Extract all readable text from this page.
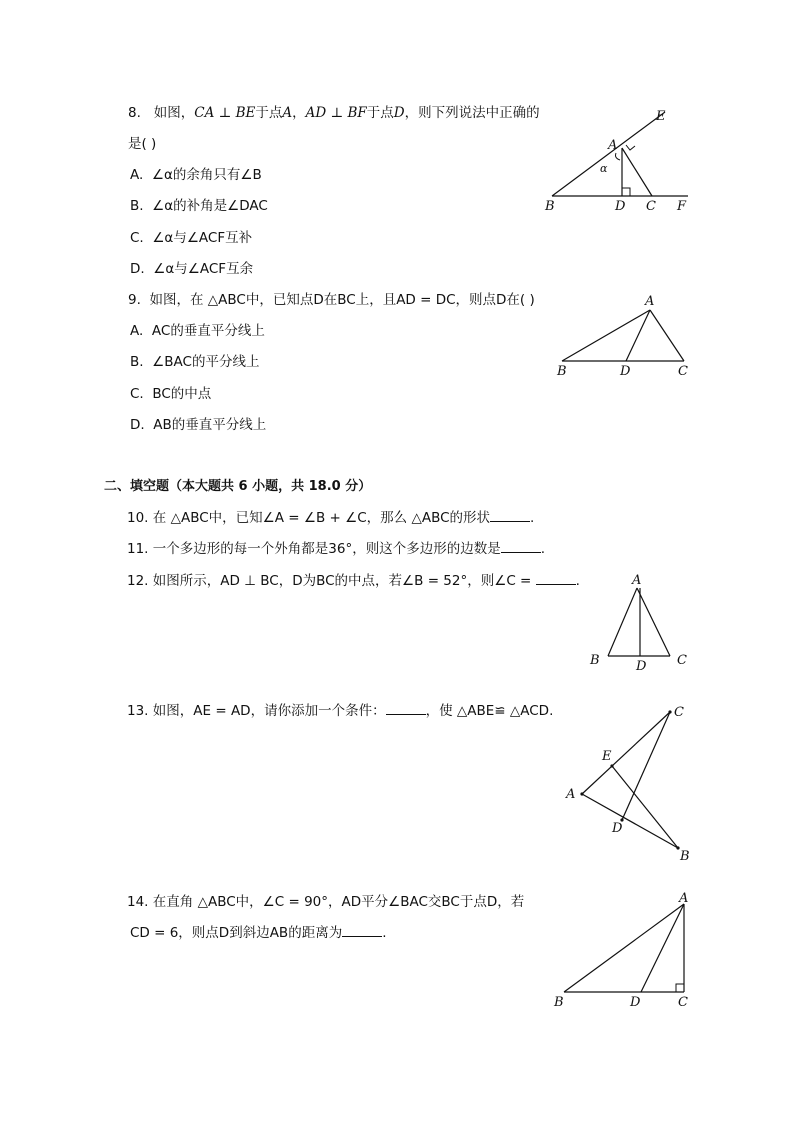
8. 如图，CA ⊥ BE于点A，AD ⊥ BF于点D，则下列说法中正确的
是( )
A. ∠α的余角只有∠B
B. ∠α的补角是∠DAC
C. ∠α与∠ACF互补
D. ∠α与∠ACF互余
E
A
α
B	D C F
9. 如图，在 △ABC中，已知点D在BC上，且AD = DC，则点D在( )
A. AC的垂直平分线上
B. ∠BAC的平分线上
C. BC的中点
D. AB的垂直平分线上
A
B	D	C
二、填空题（本大题共 6 小题，共 18.0 分）
10. 在 △ABC中，已知∠A = ∠B + ∠C，那么 △ABC的形状	.
11. 一个多边形的每一个外角都是36°，则这个多边形的边数是	.
12. 如图所示，AD ⊥ BC，D为BC的中点，若∠B = 52°，则∠C =	.	A
B	D C
13. 如图，AE = AD，请你添加一个条件：	，使 △ABE≌ △ACD.	C
E
A
D
B
14. 在直角 △ABC中，∠C = 90°，AD平分∠BAC交BC于点D，若
CD = 6，则点D到斜边AB的距离为	.
A
B	D	C
